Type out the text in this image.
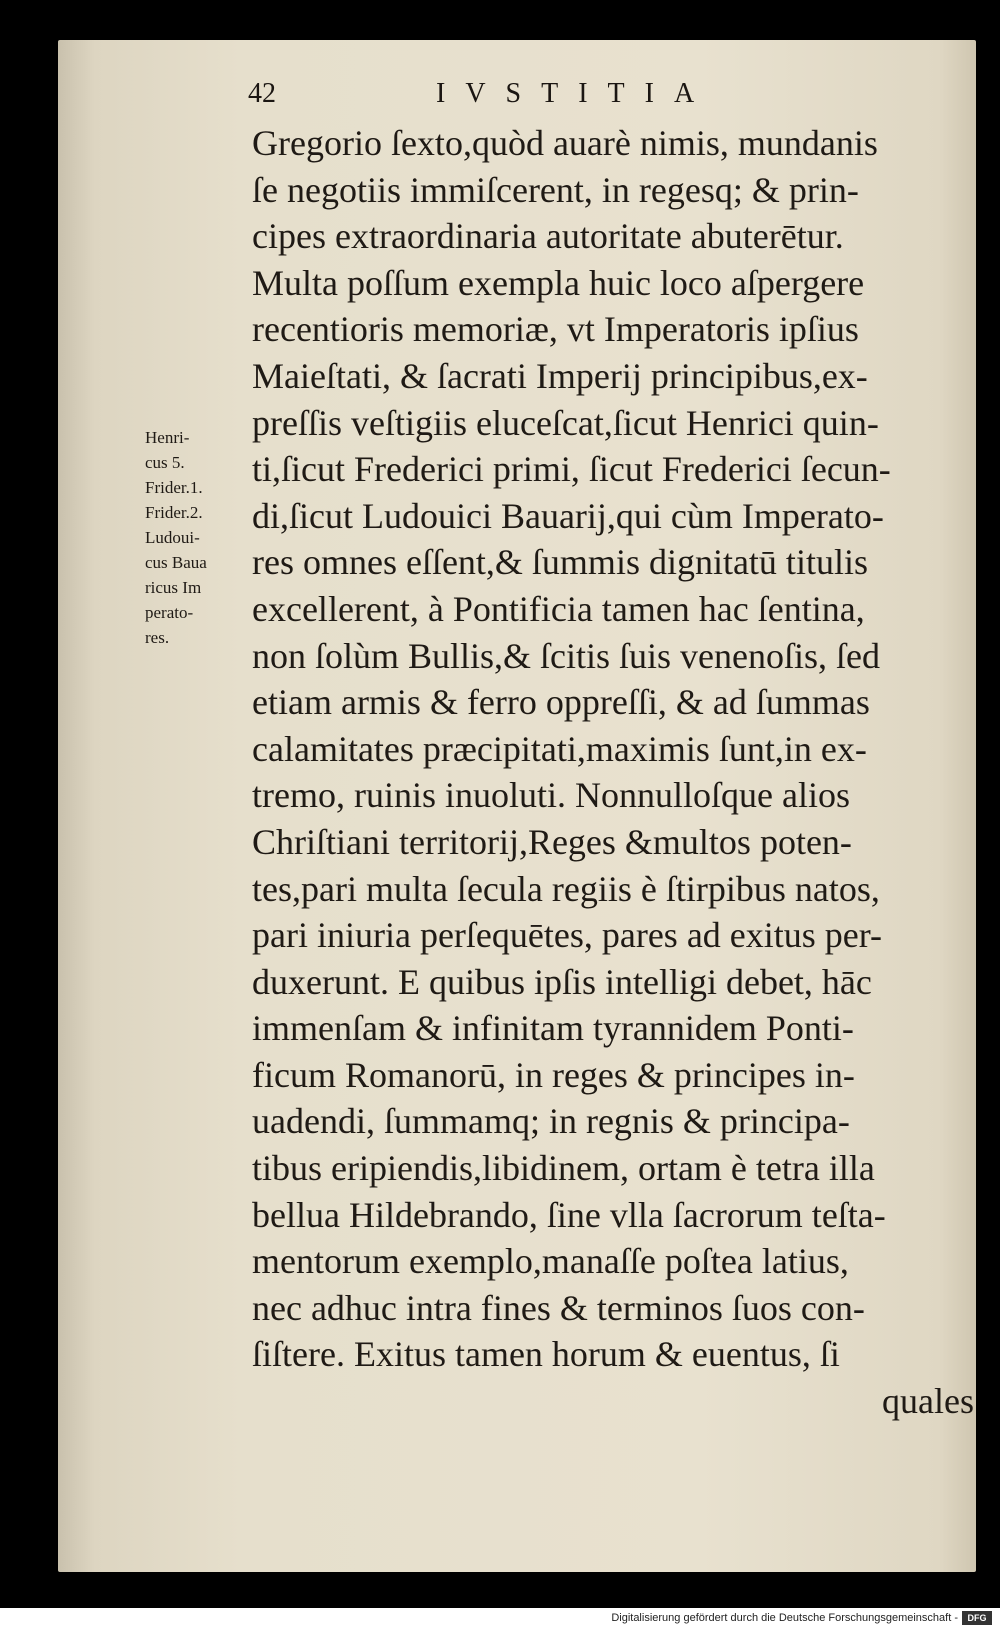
42	IVSTITIA
Henri-
cus 5.
Frider.1.
Frider.2.
Ludoui-
cus Baua
ricus Im
perato-
res.
Gregorio ſexto,quòd auarè nimis, mundanis
ſe negotiis immiſcerent, in regesq; & prin-
cipes extraordinaria autoritate abuterētur.
Multa poſſum exempla huic loco aſpergere
recentioris memoriæ, vt Imperatoris ipſius
Maieſtati, & ſacrati Imperij principibus,ex-
preſſis veſtigiis eluceſcat,ſicut Henrici quin-
ti,ſicut Frederici primi, ſicut Frederici ſecun-
di,ſicut Ludouici Bauarij,qui cùm Imperato-
res omnes eſſent,& ſummis dignitatū titulis
excellerent, à Pontificia tamen hac ſentina,
non ſolùm Bullis,& ſcitis ſuis venenoſis, ſed
etiam armis & ferro oppreſſi, & ad ſummas
calamitates præcipitati,maximis ſunt,in ex-
tremo, ruinis inuoluti. Nonnulloſque alios
Chriſtiani territorij,Reges &multos poten-
tes,pari multa ſecula regiis è ſtirpibus natos,
pari iniuria perſequētes, pares ad exitus per-
duxerunt. E quibus ipſis intelligi debet, hāc
immenſam & infinitam tyrannidem Ponti-
ficum Romanorū, in reges & principes in-
uadendi, ſummamq; in regnis & principa-
tibus eripiendis,libidinem, ortam è tetra illa
bellua Hildebrando, ſine vlla ſacrorum teſta-
mentorum exemplo,manaſſe poſtea latius,
nec adhuc intra fines & terminos ſuos con-
ſiſtere. Exitus tamen horum & euentus, ſi
quales
Digitalisierung gefördert durch die Deutsche Forschungsgemeinschaft -	DFG
